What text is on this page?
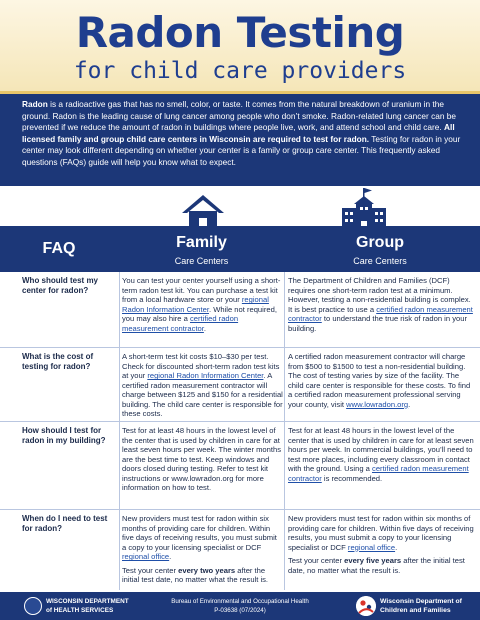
Radon Testing
for child care providers
Radon is a radioactive gas that has no smell, color, or taste. It comes from the natural breakdown of uranium in the ground. Radon is the leading cause of lung cancer among people who don’t smoke. Radon-related lung cancer can be prevented if we reduce the amount of radon in buildings where people live, work, and attend school and child care. All licensed family and group child care centers in Wisconsin are required to test for radon. Testing for radon in your center may look different depending on whether your center is a family or group care center. This frequently asked questions (FAQs) guide will help you know what to expect.
FAQ	Family
Care Centers
Group
Care Centers
Who should test my center for radon?
You can test your center yourself using a short-term radon test kit. You can purchase a test kit from a local hardware store or your regional Radon Information Center. While not required, you may also hire a certified radon measurement contractor.
The Department of Children and Families (DCF) requires one short-term radon test at a minimum. However, testing a non-residential building is complex. It is best practice to use a certified radon measurement contractor to understand the true risk of radon in your building.
What is the cost of testing for radon?
A short-term test kit costs $10–$30 per test. Check for discounted short-term radon test kits at your regional Radon Information Center. A certified radon measurement contractor will charge between $125 and $150 for a residential building. The child care center is responsible for these costs.
A certified radon measurement contractor will charge from $500 to $1500 to test a non-residential building. The cost of testing varies by size of the facility. The child care center is responsible for these costs. To find a certified radon measurement professional serving your county, visit www.lowradon.org.
How should I test for radon in my building?
Test for at least 48 hours in the lowest level of the center that is used by children in care for at least seven hours per week. The winter months are the best time to test. Keep windows and doors closed during testing. Refer to test kit instructions or www.lowradon.org for more information on how to test.
Test for at least 48 hours in the lowest level of the center that is used by children in care for at least seven hours per week. In commercial buildings, you’ll need to test more places, including every classroom in contact with the ground. Using a certified radon measurement contractor is recommended.
When do I need to test for radon?

New providers must test for radon within six months of providing care for children. Within five days of receiving results, you must submit a copy to your licensing specialist or DCF regional office.

Test your center every two years after the initial test date, no matter what the result is.

New providers must test for radon within six months of providing care for children. Within five days of receiving results, you must submit a copy to your licensing specialist or DCF regional office.

Test your center every five years after the initial test date, no matter what the result is.

WISCONSIN DEPARTMENT
of HEALTH SERVICES
Bureau of Environmental and Occupational Health
P-03638 (07/2024)
Wisconsin Department of
Children and Families
